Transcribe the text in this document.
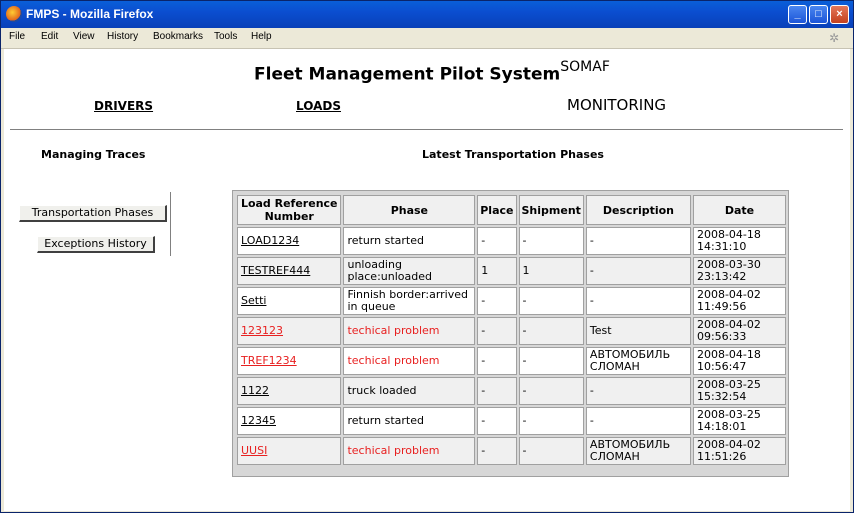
FMPS - Mozilla Firefox	_	□	×
File Edit View History Bookmarks Tools Help	✲
Fleet Management Pilot System$^{SOMAF}$
DRIVERS	LOADS	MONITORING
Managing Traces	Latest Transportation Phases
Transportation Phases
Exceptions History
Load Reference Number	Phase	Place	Shipment	Description	Date
LOAD1234	return started	-	-	-	2008-04-18 14:31:10
TESTREF444	unloading place:unloaded	1	1	-	2008-03-30 23:13:42
Setti	Finnish border:arrived in queue	-	-	-	2008-04-02 11:49:56
123123	techical problem	-	-	Test	2008-04-02 09:56:33
TREF1234	techical problem	-	-	АВТОМОБИЛЬ СЛОМАН	2008-04-18 10:56:47
1122	truck loaded	-	-	-	2008-03-25 15:32:54
12345	return started	-	-	-	2008-03-25 14:18:01
UUSI	techical problem	-	-	АВТОМОБИЛЬ СЛОМАН	2008-04-02 11:51:26
